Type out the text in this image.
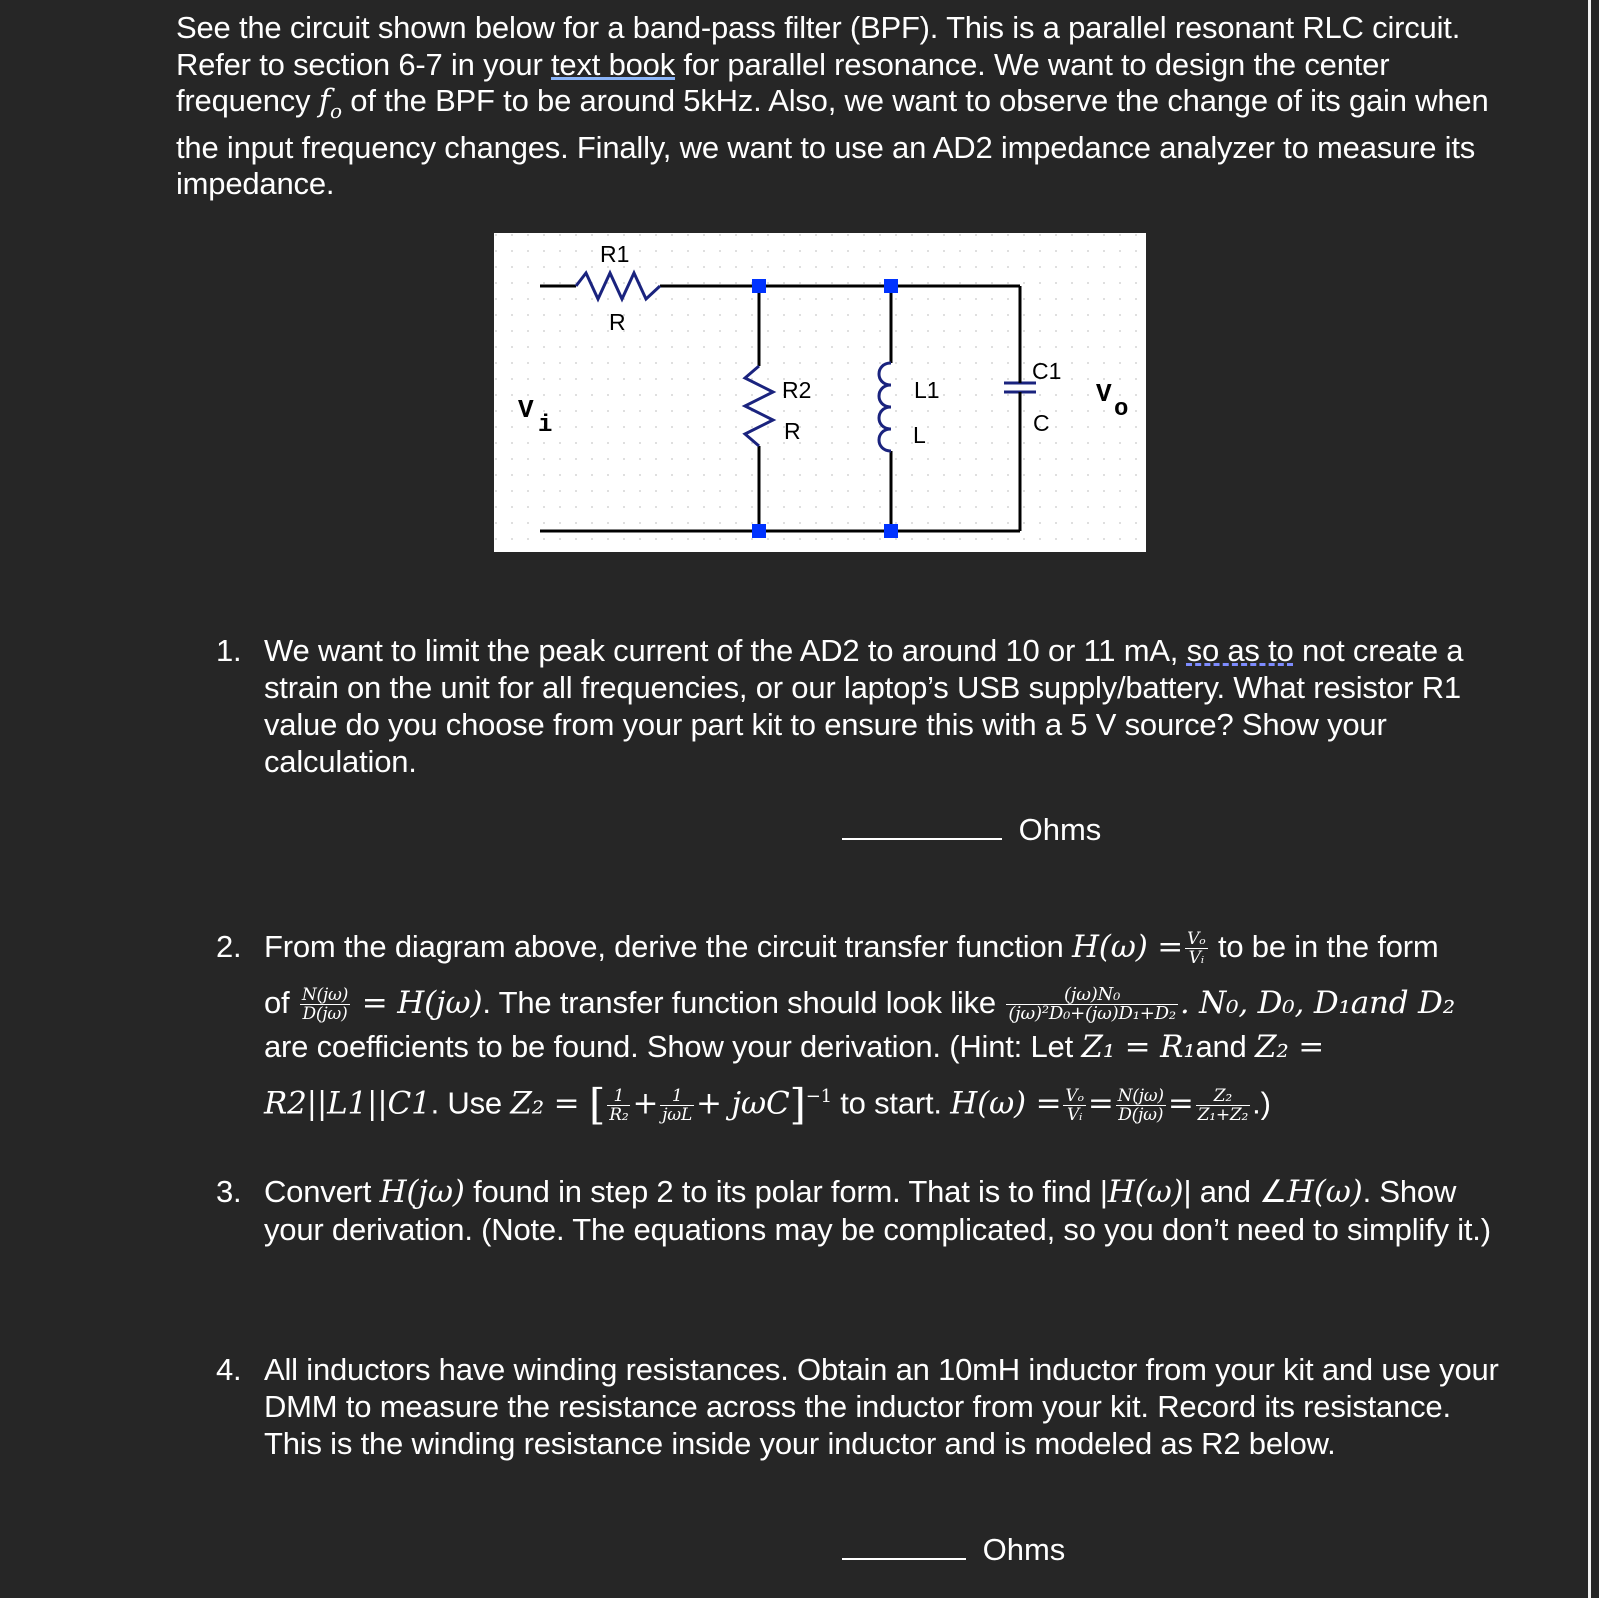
See the circuit shown below for a band-pass filter (BPF). This is a parallel resonant RLC circuit. Refer to section 6-7 in your text book for parallel resonance. We want to design the center frequency $f_o$ of the BPF to be around 5kHz. Also, we want to observe the change of its gain when the input frequency changes. Finally, we want to use an AD2 impedance analyzer to measure its impedance.
R1
R
R2
R
L1
L
C1
C
V
i
V
o
1. We want to limit the peak current of the AD2 to around 10 or 11 mA, so as to not create a strain on the unit for all frequencies, or our laptop’s USB supply/battery. What resistor R1 value do you choose from your part kit to ensure this with a 5 V source? Show your calculation.
Ohms
2. From the diagram above, derive the circuit transfer function $H(\omega) = \frac{\text{Vₒ}}{\text{Vᵢ}}$ to be in the form
of $\frac{N(j\omega)}{D(j\omega)} = H(j\omega)$. The transfer function should look like $\frac{\text{(jω)N₀}}{\text{(jω)²D₀+(jω)D₁+D₂}}$ . N₀, D₀, D₁and D₂
are coefficients to be found. Show your derivation. (Hint: Let Z₁ = R₁and Z₂ =
R2||L1||C1. Use Z₂ = [ $\frac{1}{\text{R₂}} + \frac{1}{\text{jωL}} + j\omega C]^{-1}$ to start. $H(\omega) = \frac{\text{Vₒ}}{\text{Vᵢ}} = \frac{N(j\omega)}{D(j\omega)} = \frac{\text{Z₂}}{\text{Z₁+Z₂}}$ .)
3. Convert H(jω) found in step 2 to its polar form. That is to find |H(ω)| and ∠H(ω). Show your derivation. (Note. The equations may be complicated, so you don’t need to simplify it.)
4. All inductors have winding resistances. Obtain an 10mH inductor from your kit and use your DMM to measure the resistance across the inductor from your kit. Record its resistance. This is the winding resistance inside your inductor and is modeled as R2 below.
Ohms
